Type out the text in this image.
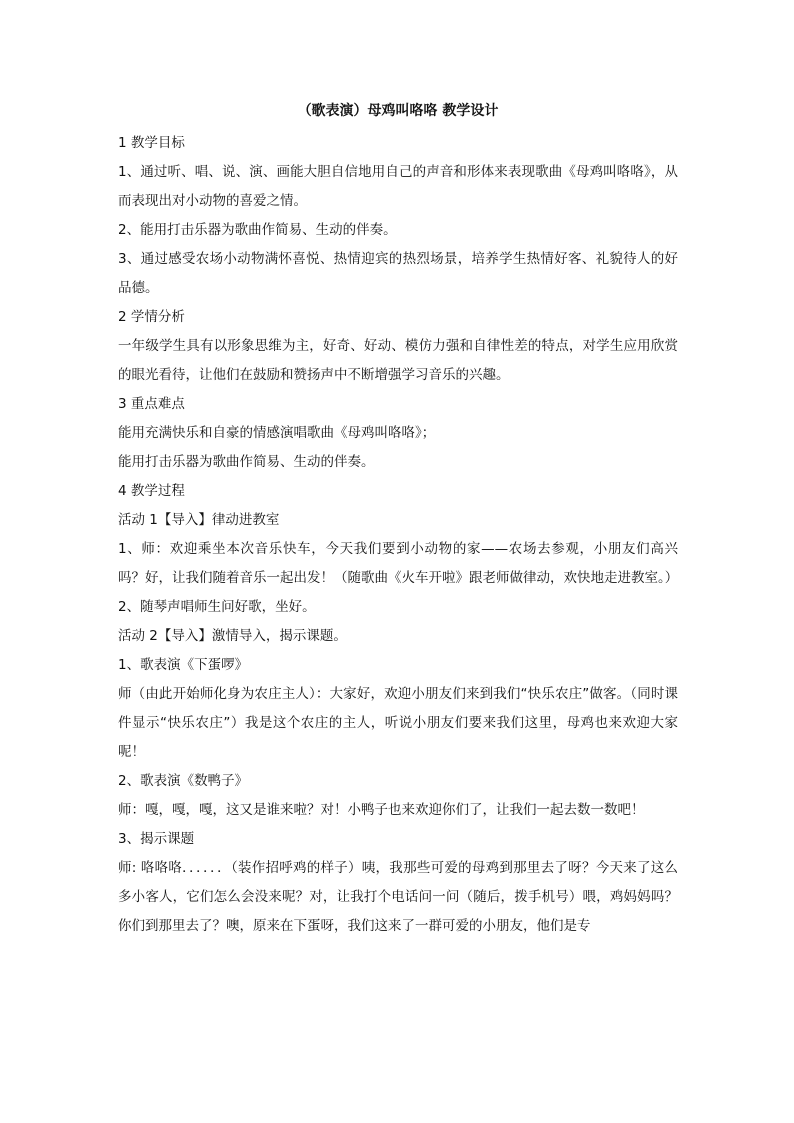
（歌表演）母鸡叫咯咯 教学设计

1 教学目标

1、通过听、唱、说、演、画能大胆自信地用自己的声音和形体来表现歌曲《母鸡叫咯咯》，从而表现出对小动物的喜爱之情。

2、能用打击乐器为歌曲作简易、生动的伴奏。

3、通过感受农场小动物满怀喜悦、热情迎宾的热烈场景，培养学生热情好客、礼貌待人的好品德。

2 学情分析

一年级学生具有以形象思维为主，好奇、好动、模仿力强和自律性差的特点，对学生应用欣赏的眼光看待，让他们在鼓励和赞扬声中不断增强学习音乐的兴趣。

3 重点难点

能用充满快乐和自豪的情感演唱歌曲《母鸡叫咯咯》；

能用打击乐器为歌曲作简易、生动的伴奏。

4 教学过程

活动 1【导入】律动进教室

1、师：欢迎乘坐本次音乐快车，今天我们要到小动物的家——农场去参观，小朋友们高兴吗？好，让我们随着音乐一起出发！（随歌曲《火车开啦》跟老师做律动，欢快地走进教室。）

2、随琴声唱师生问好歌，坐好。

活动 2【导入】激情导入，揭示课题。

1、歌表演《下蛋啰》

师（由此开始师化身为农庄主人）：大家好，欢迎小朋友们来到我们“快乐农庄”做客。（同时课件显示“快乐农庄”）我是这个农庄的主人，听说小朋友们要来我们这里，母鸡也来欢迎大家呢！

2、歌表演《数鸭子》

师：嘎，嘎，嘎，这又是谁来啦？对！小鸭子也来欢迎你们了，让我们一起去数一数吧！

3、揭示课题

师: 咯咯咯．．．．．．（装作招呼鸡的样子）咦，我那些可爱的母鸡到那里去了呀？今天来了这么多小客人，它们怎么会没来呢？对，让我打个电话问一问（随后，拨手机号）喂，鸡妈妈吗？你们到那里去了？噢，原来在下蛋呀，我们这来了一群可爱的小朋友，他们是专
